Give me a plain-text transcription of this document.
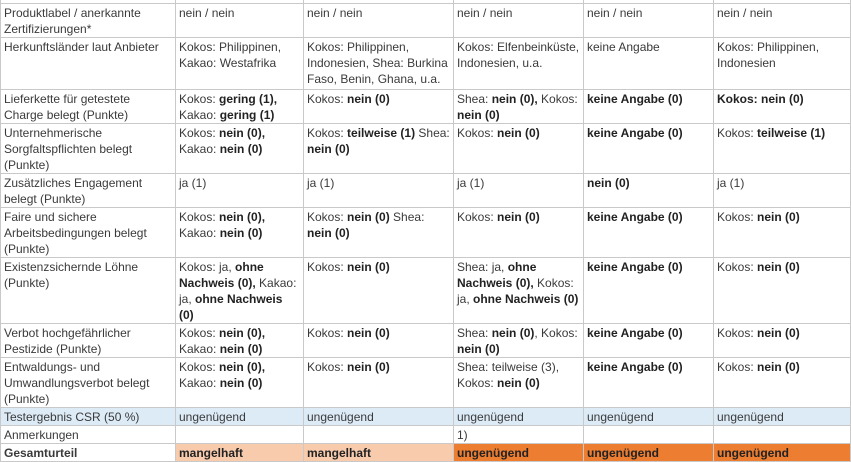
Produktlabel / anerkannte Zertifizierungen*	nein / nein	nein / nein	nein / nein	nein / nein	nein / nein
Herkunftsländer laut Anbieter	Kokos: Philippinen, Kakao: Westafrika	Kokos: Philippinen, Indonesien, Shea: Burkina Faso, Benin, Ghana, u.a.	Kokos: Elfenbeinküste, Indonesien, u.a.	keine Angabe	Kokos: Philippinen, Indonesien
Lieferkette für getestete Charge belegt (Punkte)	Kokos: gering (1), Kakao: gering (1)	Kokos: nein (0)	Shea: nein (0), Kokos: nein (0)	keine Angabe (0)	Kokos: nein (0)
Unternehmerische Sorgfaltspflichten belegt (Punkte)	Kokos: nein (0), Kakao: nein (0)	Kokos: teilweise (1) Shea: nein (0)	Kokos: nein (0)	keine Angabe (0)	Kokos: teilweise (1)
Zusätzliches Engagement belegt (Punkte)	ja (1)	ja (1)	ja (1)	nein (0)	ja (1)
Faire und sichere Arbeitsbedingungen belegt (Punkte)	Kokos: nein (0), Kakao: nein (0)	Kokos: nein (0) Shea: nein (0)	Kokos: nein (0)	keine Angabe (0)	Kokos: nein (0)
Existenzsichernde Löhne (Punkte)	Kokos: ja, ohne Nachweis (0), Kakao: ja, ohne Nachweis (0)	Kokos: nein (0)	Shea: ja, ohne Nachweis (0), Kokos: ja, ohne Nachweis (0)	keine Angabe (0)	Kokos: nein (0)
Verbot hochgefährlicher Pestizide (Punkte)	Kokos: nein (0), Kakao: nein (0)	Kokos: nein (0)	Shea: nein (0), Kokos: nein (0)	keine Angabe (0)	Kokos: nein (0)
Entwaldungs- und Umwandlungsverbot belegt (Punkte)	Kokos: nein (0), Kakao: nein (0)	Kokos: nein (0)	Shea: teilweise (3), Kokos: nein (0)	keine Angabe (0)	Kokos: nein (0)
Testergebnis CSR (50 %)	ungenügend	ungenügend	ungenügend	ungenügend	ungenügend
Anmerkungen			1)		
Gesamturteil	mangelhaft	mangelhaft	ungenügend	ungenügend	ungenügend
